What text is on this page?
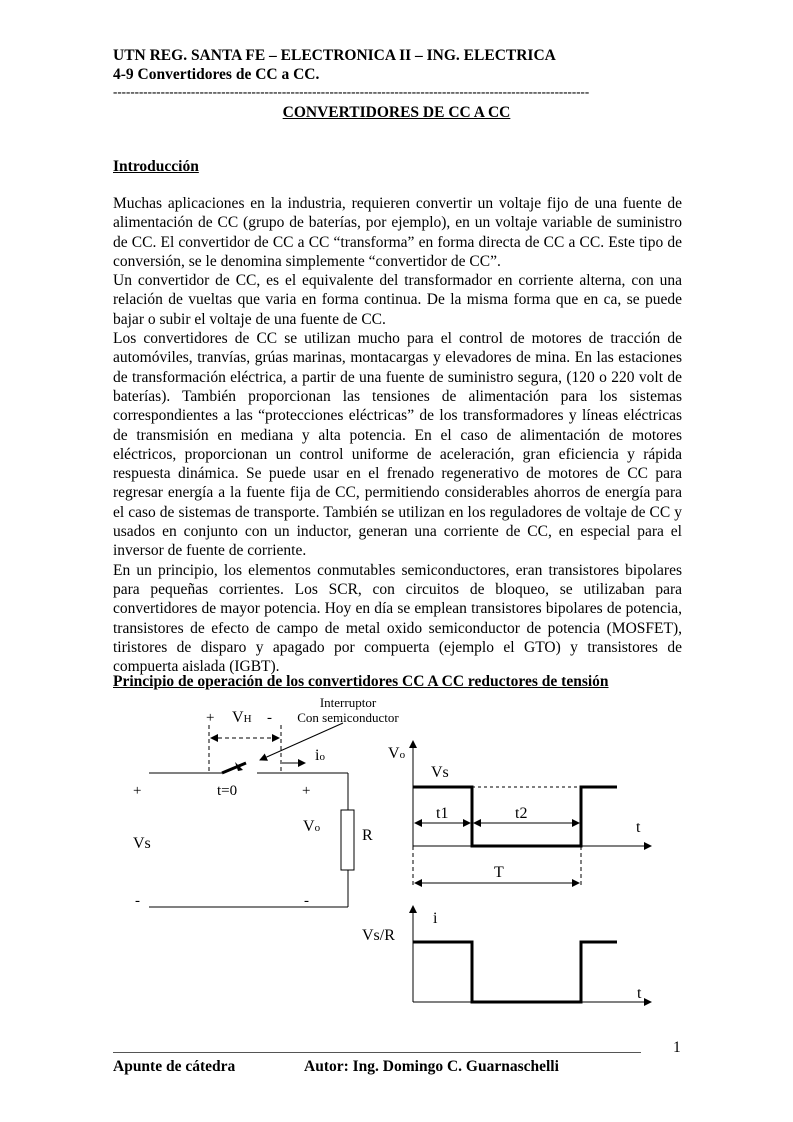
UTN REG. SANTA FE – ELECTRONICA II – ING. ELECTRICA
4-9 Convertidores de CC a CC.
--------------------------------------------------------------------------------------------------------------
CONVERTIDORES DE CC A CC
Introducción

Muchas aplicaciones en la industria, requieren convertir un voltaje fijo de una fuente de alimentación de CC (grupo de baterías, por ejemplo), en un voltaje variable de suministro de CC. El convertidor de CC a CC “transforma” en forma directa de CC a CC. Este tipo de conversión, se le denomina simplemente “convertidor de CC”.

Un convertidor de CC, es el equivalente del transformador en corriente alterna, con una relación de vueltas que varia en forma continua. De la misma forma que en ca, se puede bajar o subir el voltaje de una fuente de CC.

Los convertidores de CC se utilizan mucho para el control de motores de tracción de automóviles, tranvías, grúas marinas, montacargas y elevadores de mina. En las estaciones de transformación eléctrica, a partir de una fuente de suministro segura, (120 o 220 volt de baterías). También proporcionan las tensiones de alimentación para los sistemas correspondientes a las “protecciones eléctricas” de los transformadores y líneas eléctricas de transmisión en mediana y alta potencia. En el caso de alimentación de motores eléctricos, proporcionan un control uniforme de aceleración, gran eficiencia y rápida respuesta dinámica. Se puede usar en el frenado regenerativo de motores de CC para regresar energía a la fuente fija de CC, permitiendo considerables ahorros de energía para el caso de sistemas de transporte. También se utilizan en los reguladores de voltaje de CC y usados en conjunto con un inductor, generan una corriente de CC, en especial para el inversor de fuente de corriente.

En un principio, los elementos conmutables semiconductores, eran transistores bipolares para pequeñas corrientes. Los SCR, con circuitos de bloqueo, se utilizaban para convertidores de mayor potencia. Hoy en día se emplean transistores bipolares de potencia, transistores de efecto de campo de metal oxido semiconductor de potencia (MOSFET), tiristores de disparo y apagado por compuerta (ejemplo el GTO) y transistores de compuerta aislada (IGBT).

Principio de operación de los convertidores CC A CC reductores de tensión
+ VH -
Interruptor
Con semiconductor
io
t=0
+
Vs
-
+
Vo
-
R
Vo
Vs
t1	t2
t
T
i
Vs/R
t
1
Apunte de cátedra	Autor: Ing. Domingo C. Guarnaschelli
